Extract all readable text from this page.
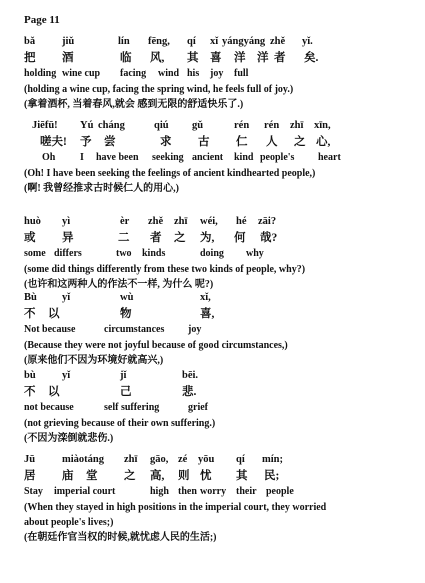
Page 11
bǎ	jiǔ	lín fēng, qí xǐ yángyáng zhě yǐ.
把 酒	临 风, 其 喜 洋 洋 者 矣.
holding wine cup facing wind his joy full
(holding a wine cup, facing the spring wind, he feels full of joy.)
(拿着酒杯, 当着春风,就会 感到无限的舒适快乐了.)
Jiēfū! Yú cháng	qiú gǔ	rén rén zhī xīn,
嗟夫! 予 尝	求 古 仁 人 之 心,
Oh I have been seeking ancient kind people's heart
(Oh! I have been seeking the feelings of ancient kindhearted people,)
(啊! 我曾经推求古时候仁人的用心,)
huò yì	èr zhě zhī wéi, hé zāi?
或 异	二 者 之 为, 何 哉?
some differs	two kinds	doing why
(some did things differently from these two kinds of people, why?)
(也许和这两种人的作法不一样, 为什么 呢?)
Bù yǐ	wù	xǐ,
不 以	物	喜,
Not because	circumstances joy
(Because they were not joyful because of good circumstances,)
(原来他们不因为环境好就高兴,)
bù	yǐ	jǐ	bēi.
不 以	己	悲.
not because	self suffering	grief
(not grieving because of their own suffering.)
(不因为滦倒就悲伤.)
Jū	miàotáng zhī gāo, zé yōu qí mín;
居 庙 堂 之 高, 则 忧 其 民;
Stay imperial court	high then worry their people
(When they stayed in high positions in the imperial court, they worried
about people's lives;)
(在朝廷作官当权的时候,就忧虑人民的生活;)
